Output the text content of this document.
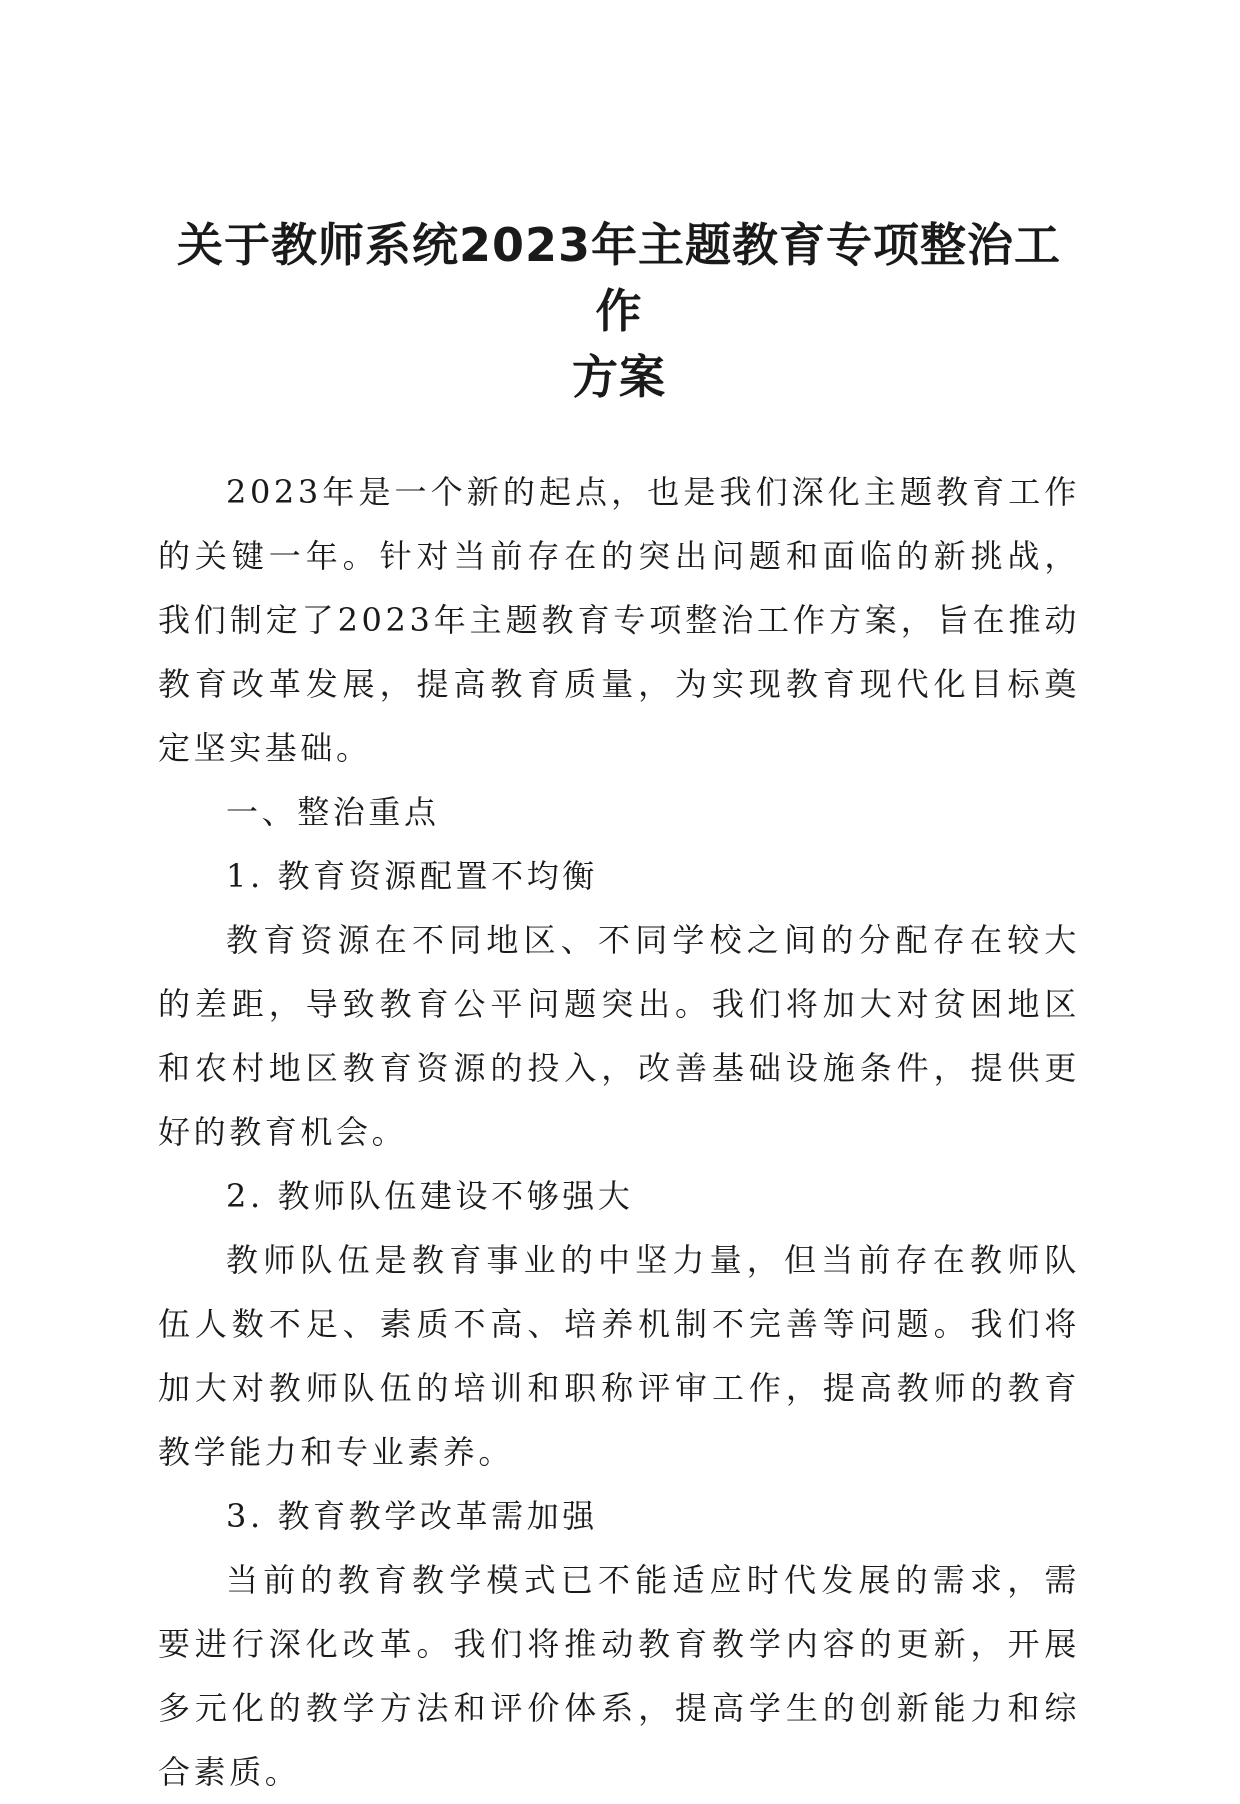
关于教师系统2023年主题教育专项整治工作
方案

2023年是一个新的起点，也是我们深化主题教育工作的关键一年。针对当前存在的突出问题和面临的新挑战，我们制定了2023年主题教育专项整治工作方案，旨在推动教育改革发展，提高教育质量，为实现教育现代化目标奠定坚实基础。

一、整治重点

1. 教育资源配置不均衡

教育资源在不同地区、不同学校之间的分配存在较大的差距，导致教育公平问题突出。我们将加大对贫困地区和农村地区教育资源的投入，改善基础设施条件，提供更好的教育机会。

2. 教师队伍建设不够强大

教师队伍是教育事业的中坚力量，但当前存在教师队伍人数不足、素质不高、培养机制不完善等问题。我们将加大对教师队伍的培训和职称评审工作，提高教师的教育教学能力和专业素养。

3. 教育教学改革需加强

当前的教育教学模式已不能适应时代发展的需求，需要进行深化改革。我们将推动教育教学内容的更新，开展多元化的教学方法和评价体系，提高学生的创新能力和综合素质。
